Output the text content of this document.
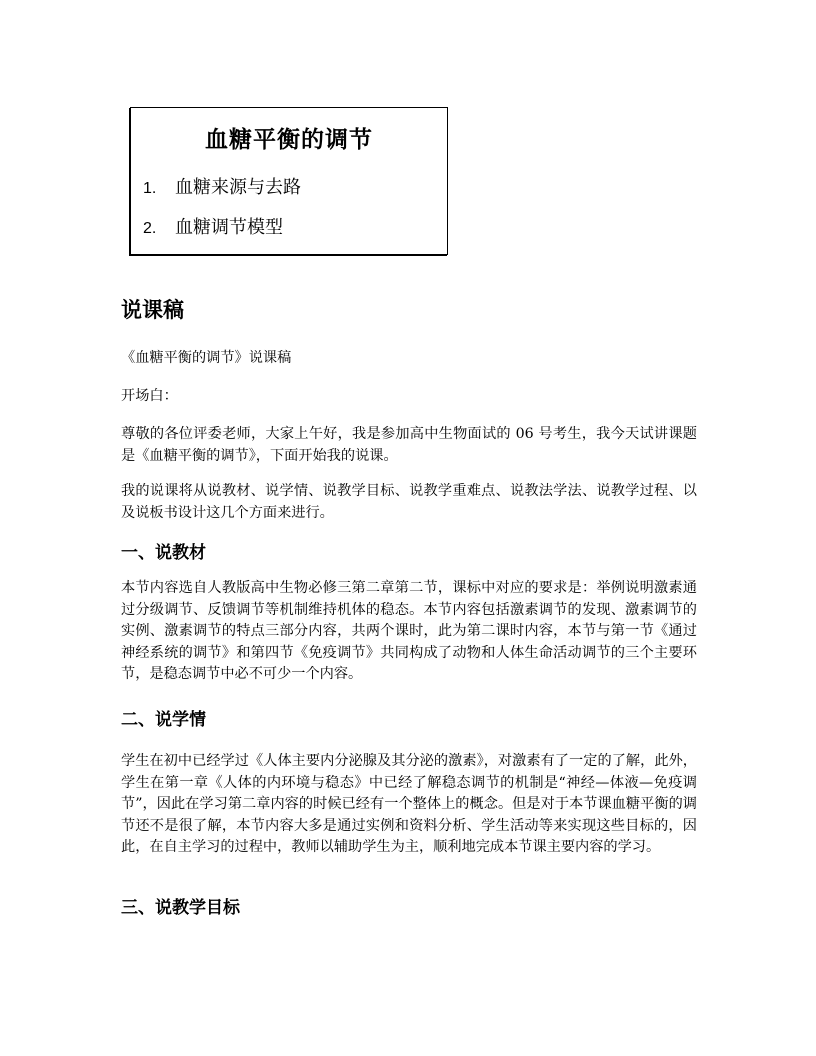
血糖平衡的调节
1. 血糖来源与去路
2. 血糖调节模型
说课稿
《血糖平衡的调节》说课稿
开场白：
尊敬的各位评委老师，大家上午好，我是参加高中生物面试的 06 号考生，我今天试讲课题是《血糖平衡的调节》，下面开始我的说课。
我的说课将从说教材、说学情、说教学目标、说教学重难点、说教法学法、说教学过程、以及说板书设计这几个方面来进行。
一、说教材
本节内容选自人教版高中生物必修三第二章第二节，课标中对应的要求是：举例说明激素通过分级调节、反馈调节等机制维持机体的稳态。本节内容包括激素调节的发现、激素调节的实例、激素调节的特点三部分内容，共两个课时，此为第二课时内容，本节与第一节《通过神经系统的调节》和第四节《免疫调节》共同构成了动物和人体生命活动调节的三个主要环节，是稳态调节中必不可少一个内容。
二、说学情
学生在初中已经学过《人体主要内分泌腺及其分泌的激素》，对激素有了一定的了解，此外，学生在第一章《人体的内环境与稳态》中已经了解稳态调节的机制是“神经—体液—免疫调节”，因此在学习第二章内容的时候已经有一个整体上的概念。但是对于本节课血糖平衡的调节还不是很了解，本节内容大多是通过实例和资料分析、学生活动等来实现这些目标的，因此，在自主学习的过程中，教师以辅助学生为主，顺利地完成本节课主要内容的学习。
三、说教学目标
